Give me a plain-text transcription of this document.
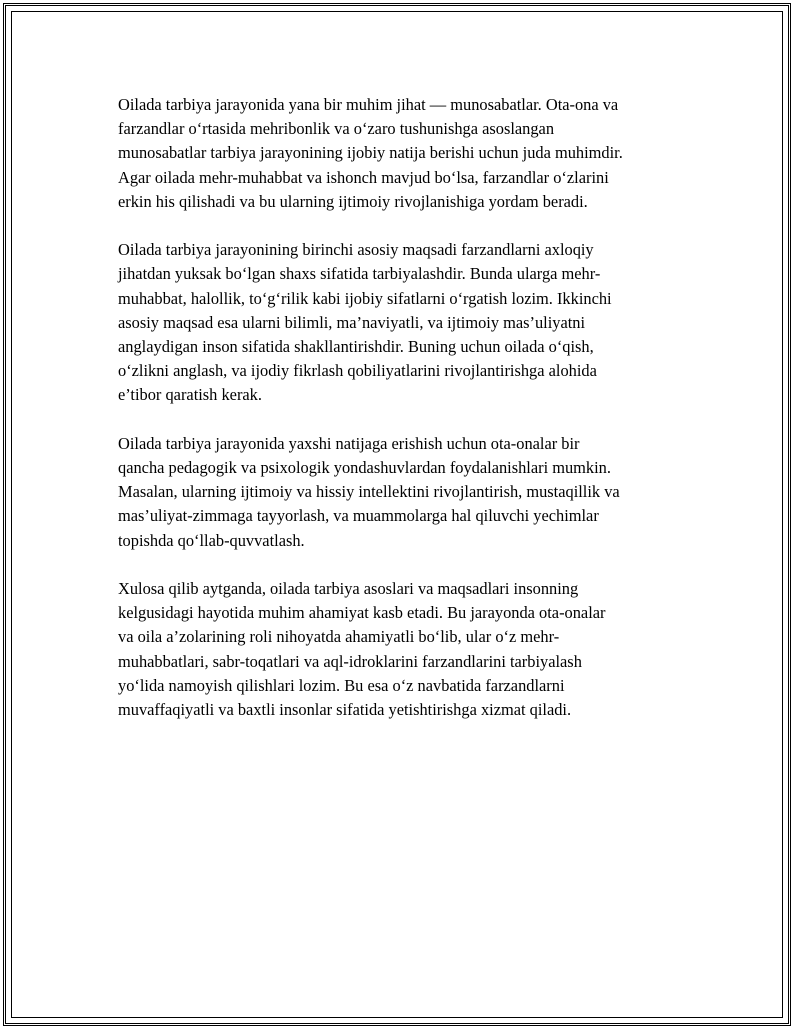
Oilada tarbiya jarayonida yana bir muhim jihat — munosabatlar. Ota-ona va
farzandlar o‘rtasida mehribonlik va o‘zaro tushunishga asoslangan
munosabatlar tarbiya jarayonining ijobiy natija berishi uchun juda muhimdir.
Agar oilada mehr-muhabbat va ishonch mavjud bo‘lsa, farzandlar o‘zlarini
erkin his qilishadi va bu ularning ijtimoiy rivojlanishiga yordam beradi.

Oilada tarbiya jarayonining birinchi asosiy maqsadi farzandlarni axloqiy
jihatdan yuksak bo‘lgan shaxs sifatida tarbiyalashdir. Bunda ularga mehr-
muhabbat, halollik, to‘g‘rilik kabi ijobiy sifatlarni o‘rgatish lozim. Ikkinchi
asosiy maqsad esa ularni bilimli, ma’naviyatli, va ijtimoiy mas’uliyatni
anglaydigan inson sifatida shakllantirishdir. Buning uchun oilada o‘qish,
o‘zlikni anglash, va ijodiy fikrlash qobiliyatlarini rivojlantirishga alohida
e’tibor qaratish kerak.

Oilada tarbiya jarayonida yaxshi natijaga erishish uchun ota-onalar bir
qancha pedagogik va psixologik yondashuvlardan foydalanishlari mumkin.
Masalan, ularning ijtimoiy va hissiy intellektini rivojlantirish, mustaqillik va
mas’uliyat-zimmaga tayyorlash, va muammolarga hal qiluvchi yechimlar
topishda qo‘llab-quvvatlash.

Xulosa qilib aytganda, oilada tarbiya asoslari va maqsadlari insonning
kelgusidagi hayotida muhim ahamiyat kasb etadi. Bu jarayonda ota-onalar
va oila a’zolarining roli nihoyatda ahamiyatli bo‘lib, ular o‘z mehr-
muhabbatlari, sabr-toqatlari va aql-idroklarini farzandlarini tarbiyalash
yo‘lida namoyish qilishlari lozim. Bu esa o‘z navbatida farzandlarni
muvaffaqiyatli va baxtli insonlar sifatida yetishtirishga xizmat qiladi.
